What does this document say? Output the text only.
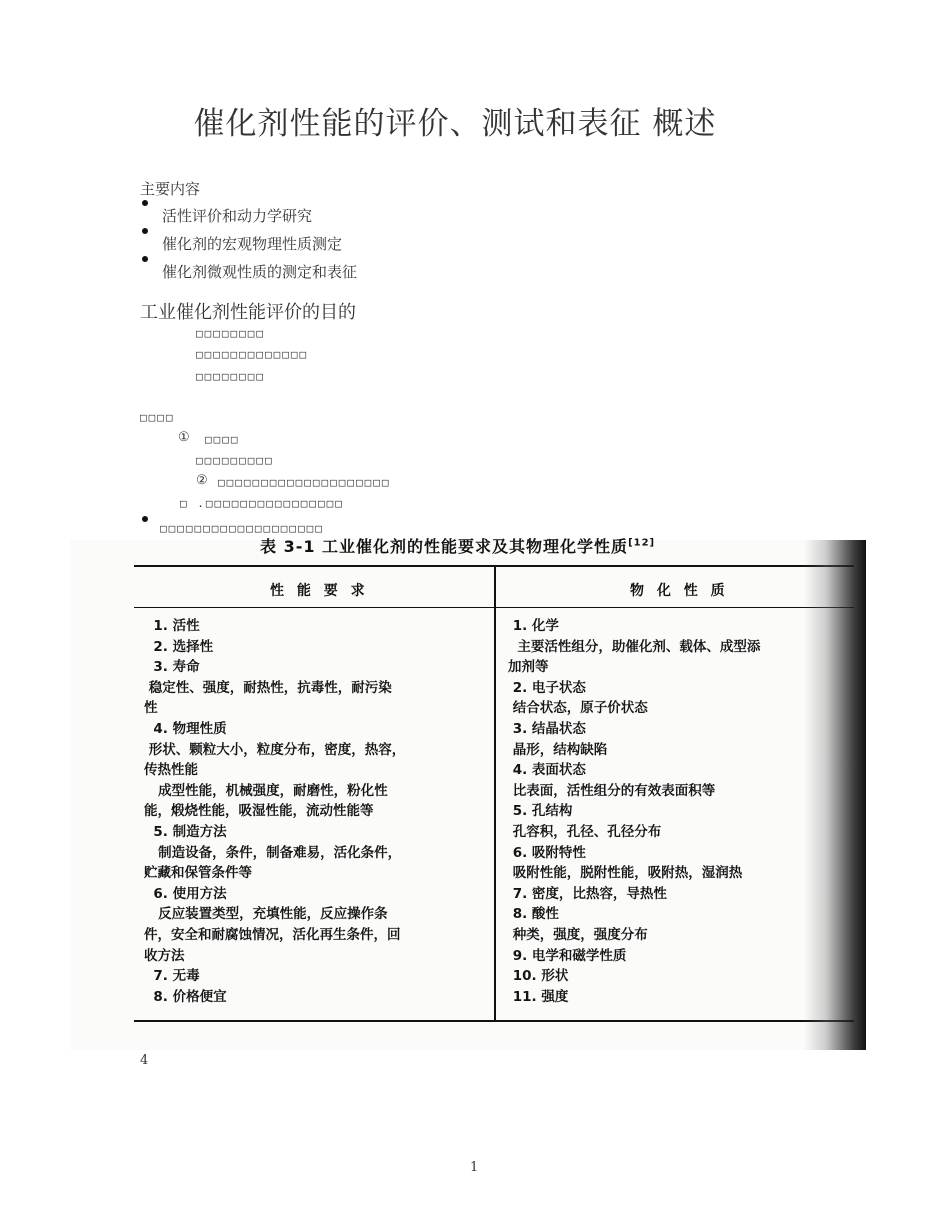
催化剂性能的评价、测试和表征 概述
主要内容
活性评价和动力学研究
催化剂的宏观物理性质测定
催化剂微观性质的测定和表征
工业催化剂性能评价的目的
□□□□□□□□
□□□□□□□□□□□□□
□□□□□□□□
□□□□
① □□□□
□□□□□□□□□
② □□□□□□□□□□□□□□□□□□□□
□ .□□□□□□□□□□□□□□□□
□□□□□□□□□□□□□□□□□□□
表 3-1 工业催化剂的性能要求及其物理化学性质[12]
性 能 要 求	物 化 性 质
1. 活性
2. 选择性
3. 寿命
稳定性、强度，耐热性，抗毒性，耐污染
性
4. 物理性质
形状、颗粒大小，粒度分布，密度，热容，
传热性能
成型性能，机械强度，耐磨性，粉化性
能，煅烧性能，吸湿性能，流动性能等
5. 制造方法
制造设备，条件，制备难易，活化条件，
贮藏和保管条件等
6. 使用方法
反应装置类型，充填性能，反应操作条
件，安全和耐腐蚀情况，活化再生条件，回
收方法
7. 无毒
8. 价格便宜
1. 化学
主要活性组分，助催化剂、载体、成型添
加剂等
2. 电子状态
结合状态，原子价状态
3. 结晶状态
晶形，结构缺陷
4. 表面状态
比表面，活性组分的有效表面积等
5. 孔结构
孔容积，孔径、孔径分布
6. 吸附特性
吸附性能，脱附性能，吸附热，湿润热
7. 密度，比热容，导热性
8. 酸性
种类，强度，强度分布
9. 电学和磁学性质
10. 形状
11. 强度
4
1
